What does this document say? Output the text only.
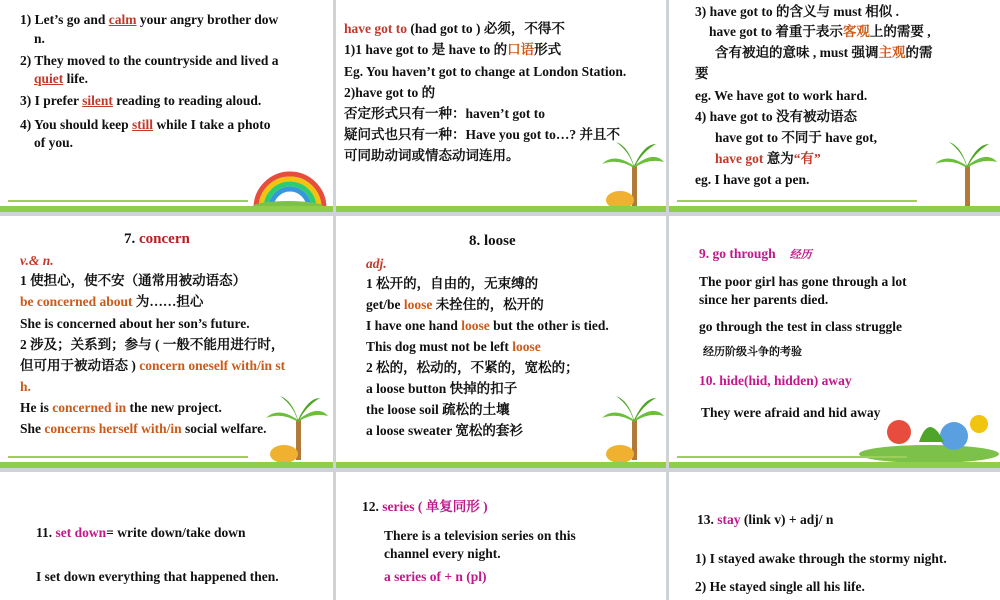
1) Let’s go and calm your angry brother dow
n.
2) They moved to the countryside and lived a
quiet life.
3) I prefer silent reading to reading aloud.
4) You should keep still while I take a photo
of you.
have got to (had got to ) 必须，不得不
1)1 have got to 是 have to 的口语形式
Eg. You haven’t got to change at London Station.
2)have got to 的
否定形式只有一种：haven’t got to
疑问式也只有一种：Have you got to…? 并且不
可同助动词或情态动词连用。
3) have got to 的含义与 must 相似 .
have got to 着重于表示客观上的需要 ,
含有被迫的意味 , must 强调主观的需
要
eg. We have got to work hard.
4) have got to 没有被动语态
have got to 不同于 have got,
have got 意为“有”
eg. I have got a pen.
7. concern
v.& n.
1 使担心，使不安（通常用被动语态）
be concerned about 为……担心
She is concerned about her son’s future.
2 涉及；关系到；参与 ( 一般不能用进行时，
但可用于被动语态 ) concern oneself with/in st
h.
He is concerned in the new project.
She concerns herself with/in social welfare.
8. loose
adj.
1 松开的，自由的，无束缚的
get/be loose 未拴住的，松开的
I have one hand loose but the other is tied.
This dog must not be left loose
2 松的，松动的，不紧的，宽松的；
a loose button 快掉的扣子
the loose soil 疏松的土壤
a loose sweater 宽松的套衫
9. go through 经历
The poor girl has gone through a lot
since her parents died.
go through the test in class struggle
经历阶级斗争的考验
10. hide(hid, hidden) away
They were afraid and hid away
11. set down= write down/take down
I set down everything that happened then.
12. series ( 单复同形 )
There is a television series on this
channel every night.
a series of + n (pl)
13. stay (link v) + adj/ n
1) I stayed awake through the stormy night.
2) He stayed single all his life.
